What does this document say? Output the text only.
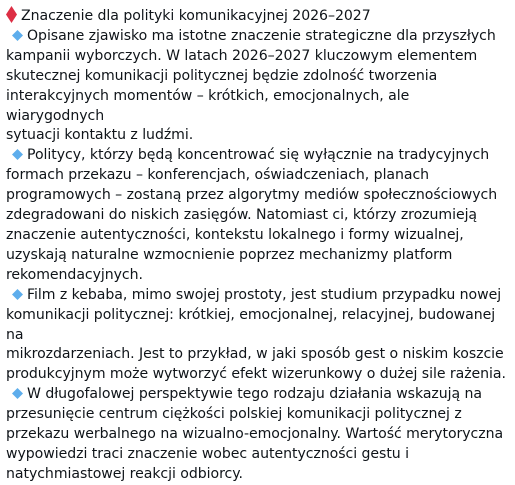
Znaczenie dla polityki komunikacyjnej 2026–2027
Opisane zjawisko ma istotne znaczenie strategiczne dla przyszłych
kampanii wyborczych. W latach 2026–2027 kluczowym elementem
skutecznej komunikacji politycznej będzie zdolność tworzenia
interakcyjnych momentów – krótkich, emocjonalnych, ale wiarygodnych
sytuacji kontaktu z ludźmi.
Politycy, którzy będą koncentrować się wyłącznie na tradycyjnych
formach przekazu – konferencjach, oświadczeniach, planach
programowych – zostaną przez algorytmy mediów społecznościowych
zdegradowani do niskich zasięgów. Natomiast ci, którzy zrozumieją
znaczenie autentyczności, kontekstu lokalnego i formy wizualnej,
uzyskają naturalne wzmocnienie poprzez mechanizmy platform
rekomendacyjnych.
Film z kebaba, mimo swojej prostoty, jest studium przypadku nowej
komunikacji politycznej: krótkiej, emocjonalnej, relacyjnej, budowanej na
mikrozdarzeniach. Jest to przykład, w jaki sposób gest o niskim koszcie
produkcyjnym może wytworzyć efekt wizerunkowy o dużej sile rażenia.
W długofalowej perspektywie tego rodzaju działania wskazują na
przesunięcie centrum ciężkości polskiej komunikacji politycznej z
przekazu werbalnego na wizualno-emocjonalny. Wartość merytoryczna
wypowiedzi traci znaczenie wobec autentyczności gestu i
natychmiastowej reakcji odbiorcy.
